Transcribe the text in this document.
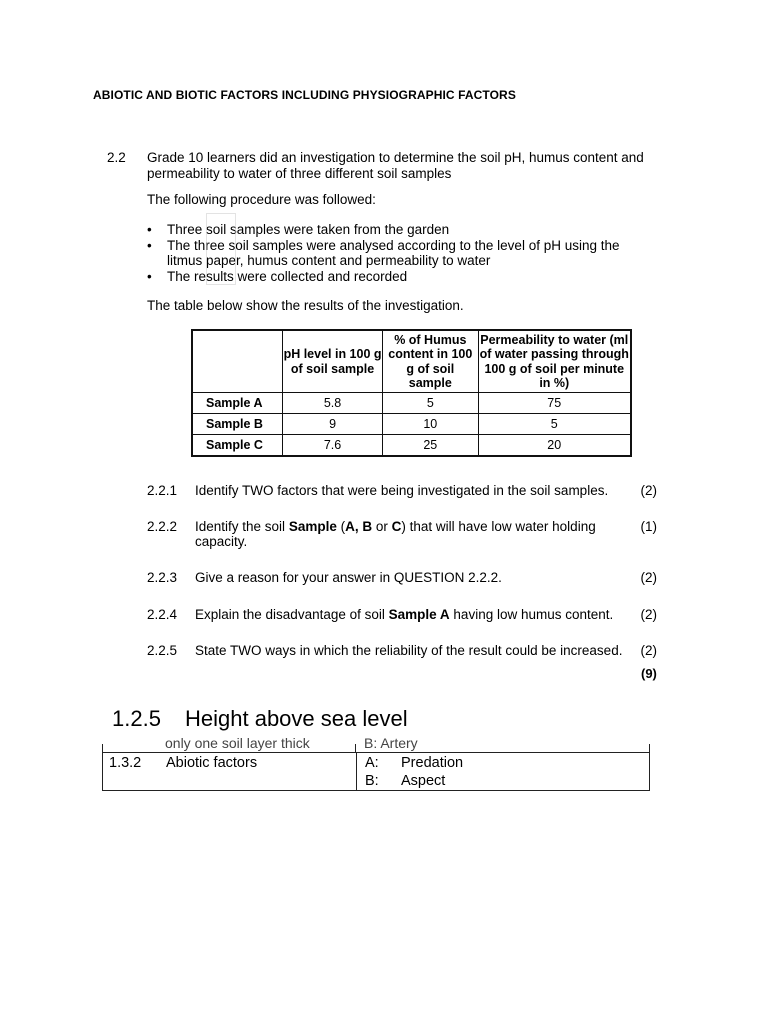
ABIOTIC AND BIOTIC FACTORS INCLUDING PHYSIOGRAPHIC FACTORS
2.2 Grade 10 learners did an investigation to determine the soil pH, humus content and permeability to water of three different soil samples
The following procedure was followed:
• Three soil samples were taken from the garden
• The three soil samples were analysed according to the level of pH using the litmus paper, humus content and permeability to water
• The results were collected and recorded
The table below show the results of the investigation.
	pH level in 100 g of soil sample	% of Humus content in 100 g of soil sample	Permeability to water (ml of water passing through 100 g of soil per minute in %)
Sample A	5.8	5	75
Sample B	9	10	5
Sample C	7.6	25	20
2.2.1 Identify TWO factors that were being investigated in the soil samples.	(2)
2.2.2 Identify the soil Sample (A, B or C) that will have low water holding capacity.
(1)
2.2.3 Give a reason for your answer in QUESTION 2.2.2.	(2)
2.2.4 Explain the disadvantage of soil Sample A having low humus content. (2)
2.2.5 State TWO ways in which the reliability of the result could be increased. (2)
(9)
1.2.5 Height above sea level
only one soil layer thick	B: Artery
1.3.2 Abiotic factors	A: Predation
B: Aspect
